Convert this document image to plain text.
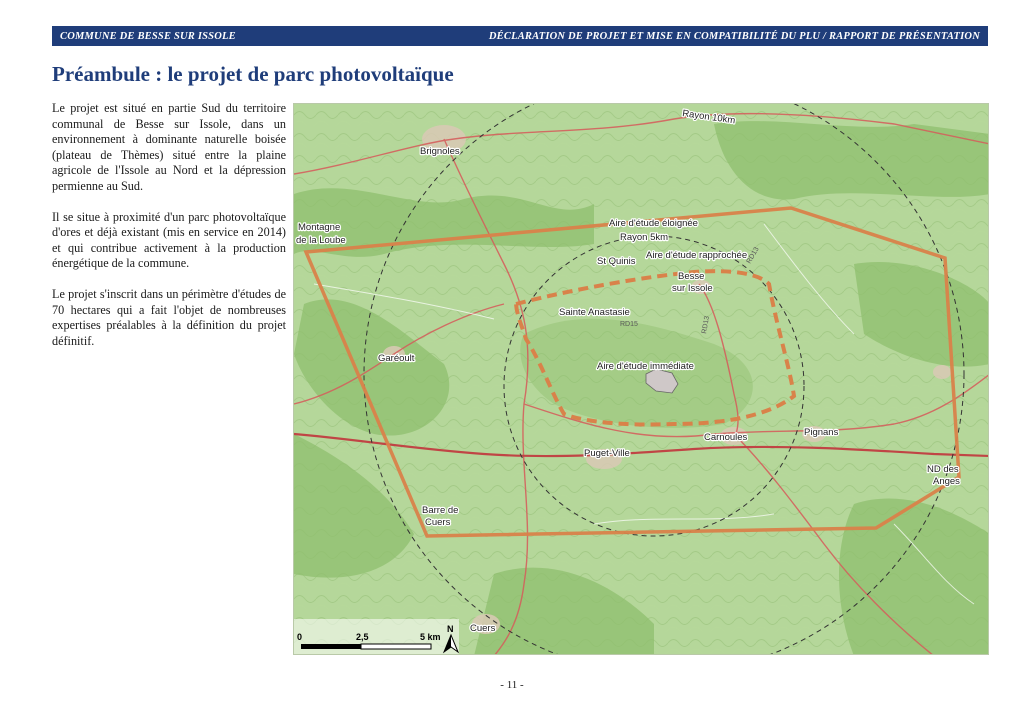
COMMUNE DE BESSE SUR ISSOLE	DÉCLARATION DE PROJET ET MISE EN COMPATIBILITÉ DU PLU / RAPPORT DE PRÉSENTATION
Préambule : le projet de parc photovoltaïque

Le projet est situé en partie Sud du territoire communal de Besse sur Issole, dans un environnement à dominante naturelle boisée (plateau de Thèmes) situé entre la plaine agricole de l'Issole au Nord et la dépression permienne au Sud.

Il se situe à proximité d'un parc photovoltaïque d'ores et déjà existant (mis en service en 2014) et qui contribue activement à la production énergétique de la commune.

Le projet s'inscrit dans un périmètre d'études de 70 hectares qui a fait l'objet de nombreuses expertises préalables à la définition du projet définitif.

Rayon 10km
Rayon 5km
Aire d'étude éloignée
Aire d'étude rapprochée
Aire d'étude immédiate
Brignoles
Montagne
de la Loube
St Quinis
Besse
sur Issole
Sainte Anastasie
Garéoult
Carnoules	Pignans
Puget-Ville
ND des
Anges
Barre de
Cuers
Cuers
RD13
RD15	RD13
0	2,5	5 km
N
- 11 -
